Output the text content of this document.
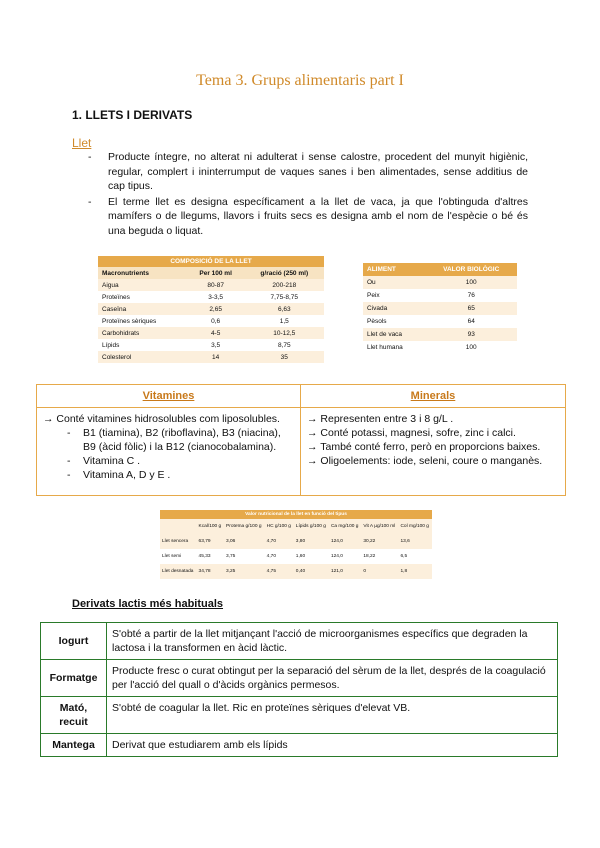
Tema 3. Grups alimentaris part I
1. LLETS I DERIVATS
Llet
- Producte íntegre, no alterat ni adulterat i sense calostre, procedent del munyit higiènic, regular, complert i ininterrumput de vaques sanes i ben alimentades, sense additius de cap tipus.
- El terme llet es designa específicament a la llet de vaca, ja que l'obtinguda d'altres mamífers o de llegums, llavors i fruits secs es designa amb el nom de l'espècie o bé és una beguda o liquat.
COMPOSICIÓ DE LA LLET		
Macronutrients	Per 100 ml	g/ració (250 ml)
Aigua	80-87	200-218
Proteïnes	3-3,5	7,75-8,75
Caseïna	2,65	6,63
Proteïnes sèriques	0,6	1,5
Carbohidrats	4-5	10-12,5
Lípids	3,5	8,75
Colesterol	14	35
ALIMENT	VALOR BIOLÒGIC
Ou	100
Peix	76
Civada	65
Pèsols	64
Llet de vaca	93
Llet humana	100
Vitamines
→ Conté vitamines hidrosolubles com liposolubles.
- B1 (tiamina), B2 (riboflavina), B3 (niacina), B9 (àcid fòlic) i la B12 (cianocobalamina).
- Vitamina C .
- Vitamina A, D y E .
Minerals
→ Representen entre 3 i 8 g/L .
→ Conté potassi, magnesi, sofre, zinc i calci.
→ També conté ferro, però en proporcions baixes.
→ Oligoelements: iode, seleni, coure o manganès.
Valor nutricional de la llet en funció del tipus							
	Kcal/100 g	Proteïna g/100 g	HC g/100 g	Lípids g/100 g	Ca mg/100 g	Vit A µg/100 ml	Col mg/100 g
Llet sencera	63,79	3,06	4,70	3,80	124,0	30,22	13,6
Llet semi	45,33	3,75	4,70	1,60	124,0	18,22	6,5
Llet desnatada	34,78	3,25	4,75	0,40	121,0	0	1,8
Derivats lactis més habituals
Iogurt	S'obté a partir de la llet mitjançant l'acció de microorganismes específics que degraden la lactosa i la transformen en àcid làctic.
Formatge	Producte fresc o curat obtingut per la separació del sèrum de la llet, després de la coagulació per l'acció del quall o d'àcids orgànics permesos.
Mató, recuit	S'obté de coagular la llet. Ric en proteïnes sèriques d'elevat VB.
Mantega	Derivat que estudiarem amb els lípids
